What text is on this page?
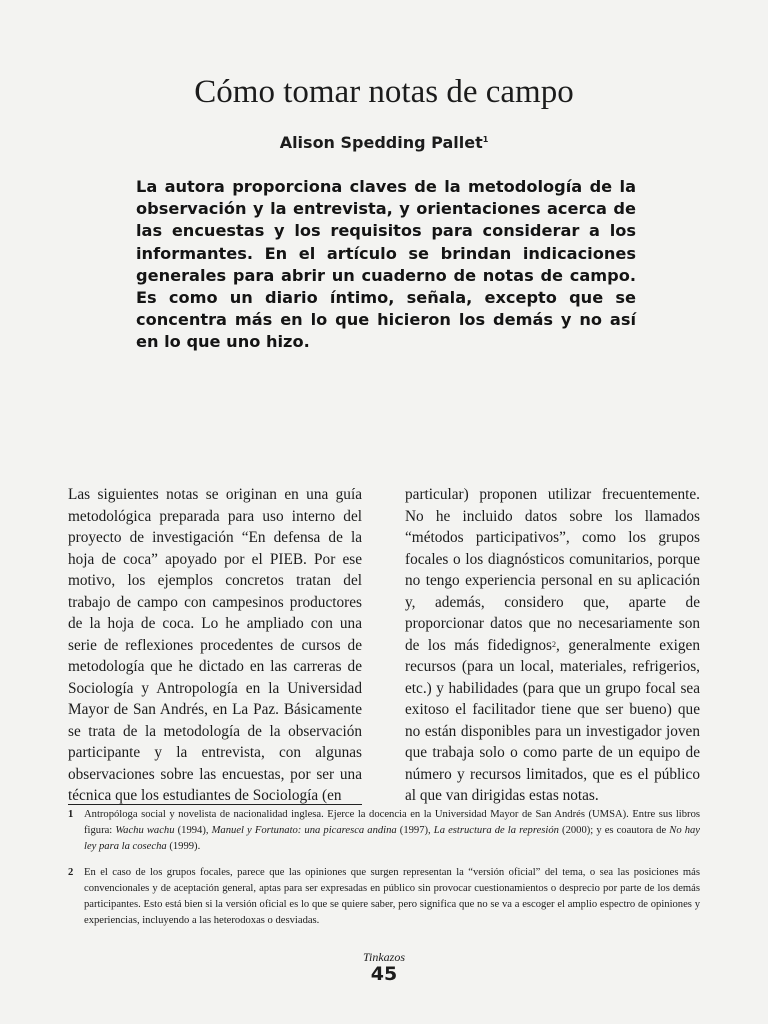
Cómo tomar notas de campo
Alison Spedding Pallet$^1$

La autora proporciona claves de la metodología de la observación y la entrevista, y orientaciones acerca de las encuestas y los requisitos para considerar a los informantes. En el artículo se brindan indicaciones generales para abrir un cuaderno de notas de campo. Es como un diario íntimo, señala, excepto que se concentra más en lo que hicieron los demás y no así en lo que uno hizo.

Las siguientes notas se originan en una guía metodológica preparada para uso interno del proyecto de investigación “En defensa de la hoja de coca” apoyado por el PIEB. Por ese motivo, los ejemplos concretos tratan del trabajo de campo con campesinos productores de la hoja de coca. Lo he ampliado con una serie de reflexiones procedentes de cursos de metodología que he dictado en las carreras de Sociología y Antropología en la Universidad Mayor de San Andrés, en La Paz. Básicamente se trata de la metodología de la observación participante y la entrevista, con algunas observaciones sobre las encuestas, por ser una técnica que los estudiantes de Sociología (en

particular) proponen utilizar frecuentemente. No he incluido datos sobre los llamados “métodos participativos”, como los grupos focales o los diagnósticos comunitarios, porque no tengo experiencia personal en su aplicación y, además, considero que, aparte de proporcionar datos que no necesariamente son de los más fidedignos$^2$, generalmente exigen recursos (para un local, materiales, refrigerios, etc.) y habilidades (para que un grupo focal sea exitoso el facilitador tiene que ser bueno) que no están disponibles para un investigador joven que trabaja solo o como parte de un equipo de número y recursos limitados, que es el público al que van dirigidas estas notas.

1	Antropóloga social y novelista de nacionalidad inglesa. Ejerce la docencia en la Universidad Mayor de San Andrés (UMSA). Entre sus libros figura: Wachu wachu (1994), Manuel y Fortunato: una picaresca andina (1997), La estructura de la represión (2000); y es coautora de No hay ley para la cosecha (1999).
2	En el caso de los grupos focales, parece que las opiniones que surgen representan la “versión oficial” del tema, o sea las posiciones más convencionales y de aceptación general, aptas para ser expresadas en público sin provocar cuestionamientos o desprecio por parte de los demás participantes. Esto está bien si la versión oficial es lo que se quiere saber, pero significa que no se va a escoger el amplio espectro de opiniones y experiencias, incluyendo a las heterodoxas o desviadas.
Tinkazos
45
